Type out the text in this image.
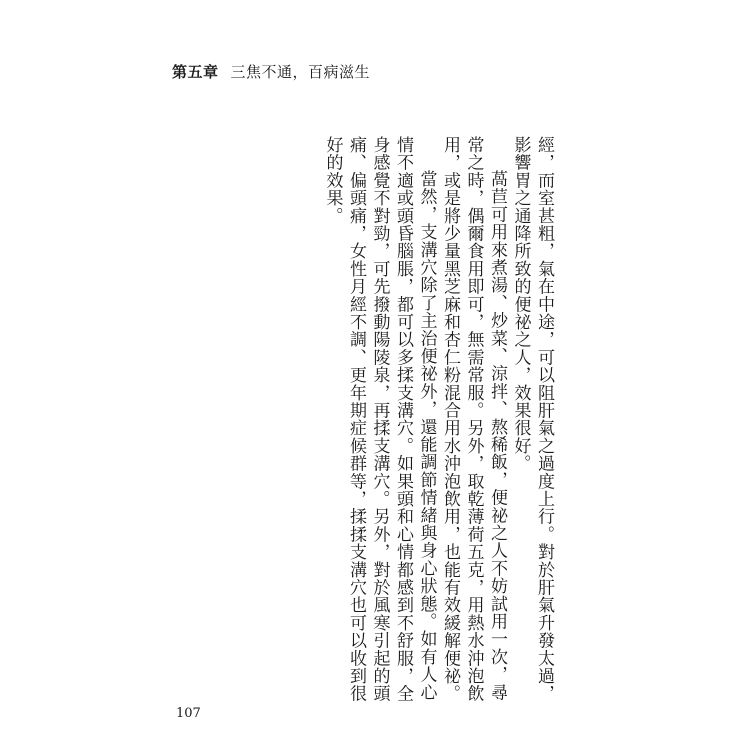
第五章 三焦不通，百病滋生

經，而室甚粗，氣在中途，可以阻肝氣之過度上行。對於肝氣升發太過，影響胃之通降所致的便祕之人，效果很好。

萵苣可用來煮湯、炒菜、涼拌、熬稀飯，便祕之人不妨試用一次，尋常之時，偶爾食用即可，無需常服。另外，取乾薄荷五克，用熱水沖泡飲用，或是將少量黑芝麻和杏仁粉混合用水沖泡飲用，也能有效緩解便祕。

當然，支溝穴除了主治便祕外，還能調節情緒與身心狀態。如有人心情不適或頭昏腦脹，都可以多揉支溝穴。如果頭和心情都感到不舒服，全身感覺不對勁，可先撥動陽陵泉，再揉支溝穴。另外，對於風寒引起的頭痛、偏頭痛，女性月經不調、更年期症候群等，揉揉支溝穴也可以收到很好的效果。

107
